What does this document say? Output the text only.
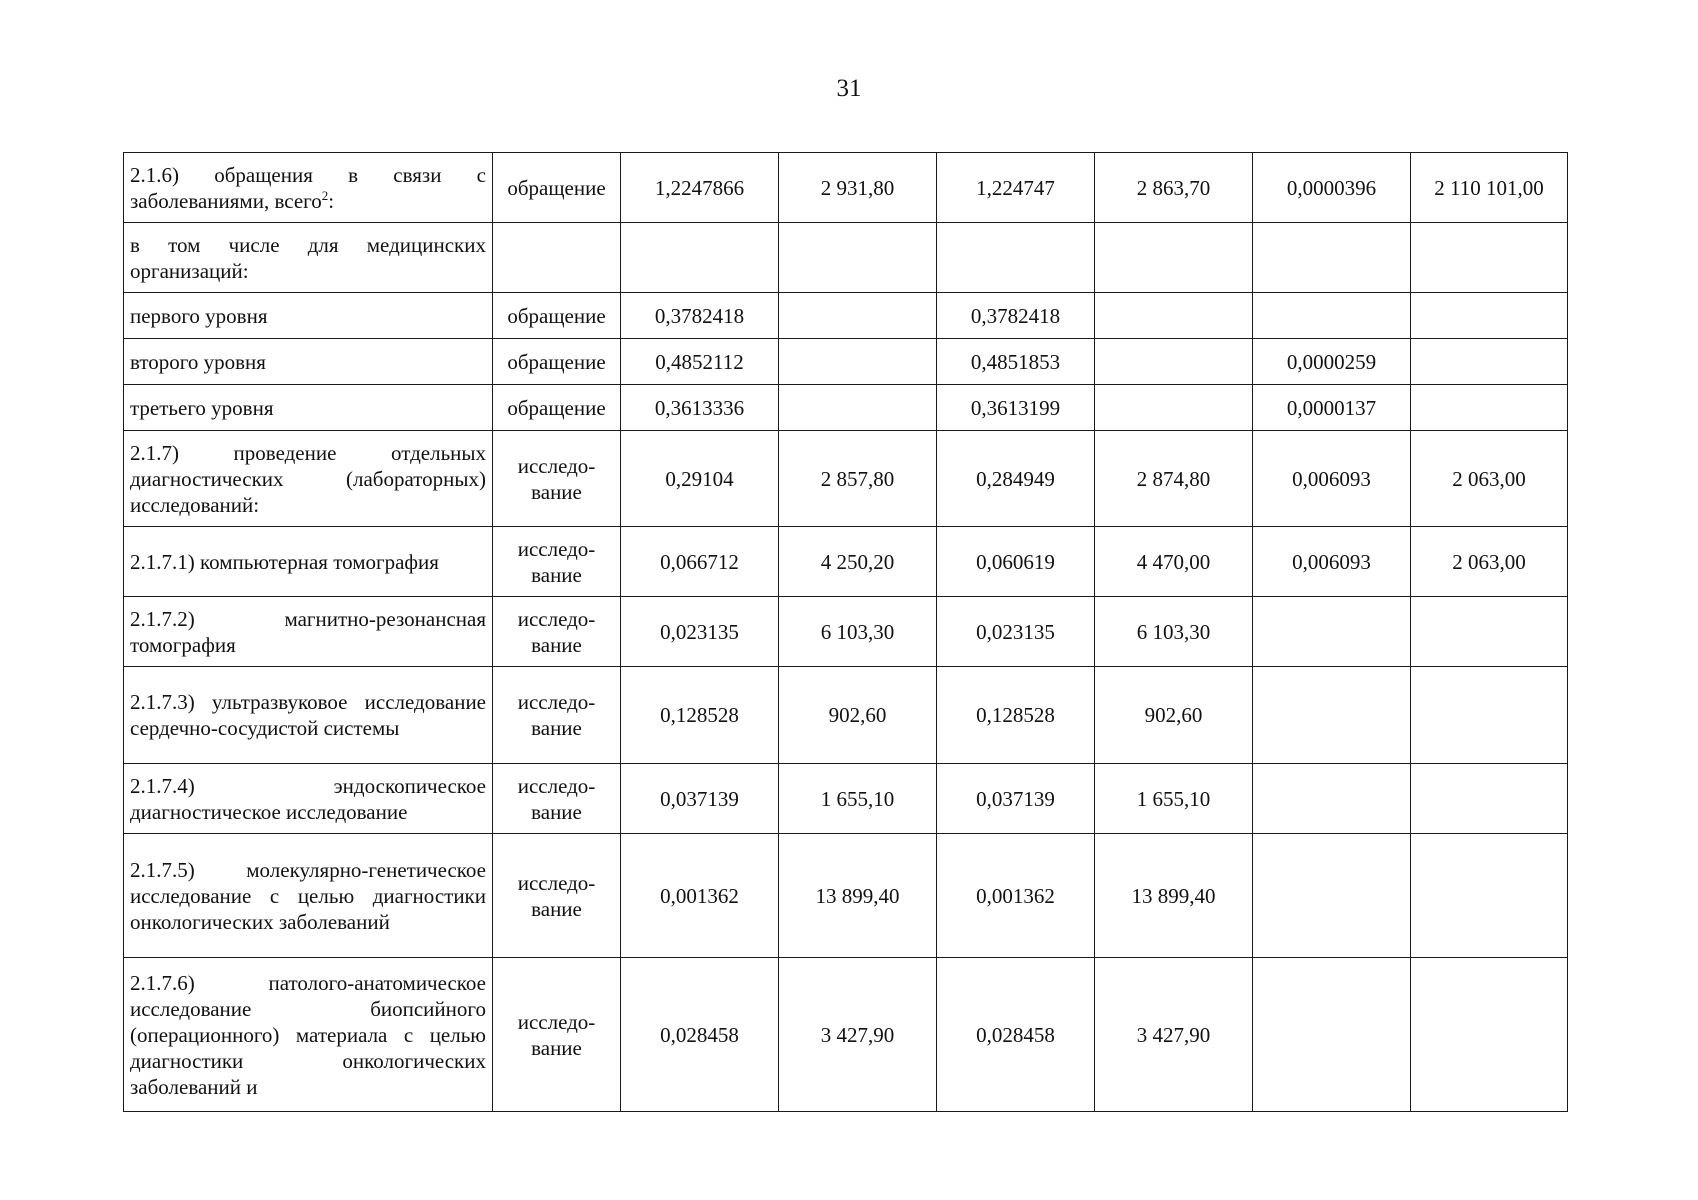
31
2.1.6) обращения в связи с заболеваниями, всего$^2$:	обращение	1,2247866	2 931,80	1,224747	2 863,70	0,0000396	2 110 101,00
в том числе для медицинских организаций:							
первого уровня	обращение	0,3782418		0,3782418			
второго уровня	обращение	0,4852112		0,4851853		0,0000259	
третьего уровня	обращение	0,3613336		0,3613199		0,0000137	
2.1.7) проведение отдельных диагностических (лабораторных) исследований:	исследо-вание	0,29104	2 857,80	0,284949	2 874,80	0,006093	2 063,00
2.1.7.1) компьютерная томография	исследо-вание	0,066712	4 250,20	0,060619	4 470,00	0,006093	2 063,00
2.1.7.2) магнитно-резонансная томография	исследо-вание	0,023135	6 103,30	0,023135	6 103,30		
2.1.7.3) ультразвуковое исследование сердечно-сосудистой системы	исследо-вание	0,128528	902,60	0,128528	902,60		
2.1.7.4) эндоскопическое диагностическое исследование	исследо-вание	0,037139	1 655,10	0,037139	1 655,10		
2.1.7.5) молекулярно-генетическое исследование с целью диагностики онкологических заболеваний	исследо-вание	0,001362	13 899,40	0,001362	13 899,40		
2.1.7.6) патолого-анатомическое исследование биопсийного (операционного) материала с целью диагностики онкологических заболеваний и	исследо-вание	0,028458	3 427,90	0,028458	3 427,90		
